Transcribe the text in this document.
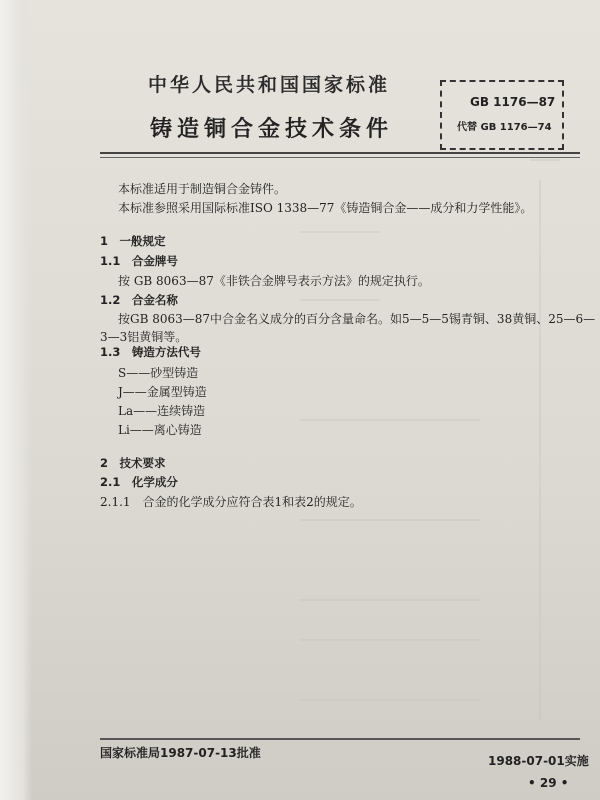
中华人民共和国国家标准
铸造铜合金技术条件
GB 1176—87
代替 GB 1176—74
本标准适用于制造铜合金铸件。
本标准参照采用国际标准ISO 1338—77《铸造铜合金——成分和力学性能》。
1　一般规定
1.1　合金牌号
按 GB 8063—87《非铁合金牌号表示方法》的规定执行。
1.2　合金名称
按GB 8063—87中合金名义成分的百分含量命名。如5—5—5锡青铜、38黄铜、25—6—
3—3铝黄铜等。
1.3　铸造方法代号
S——砂型铸造
J——金属型铸造
La——连续铸造
Li——离心铸造
2　技术要求
2.1　化学成分
2.1.1　合金的化学成分应符合表1和表2的规定。
国家标准局1987-07-13批准
1988-07-01实施
• 29 •
